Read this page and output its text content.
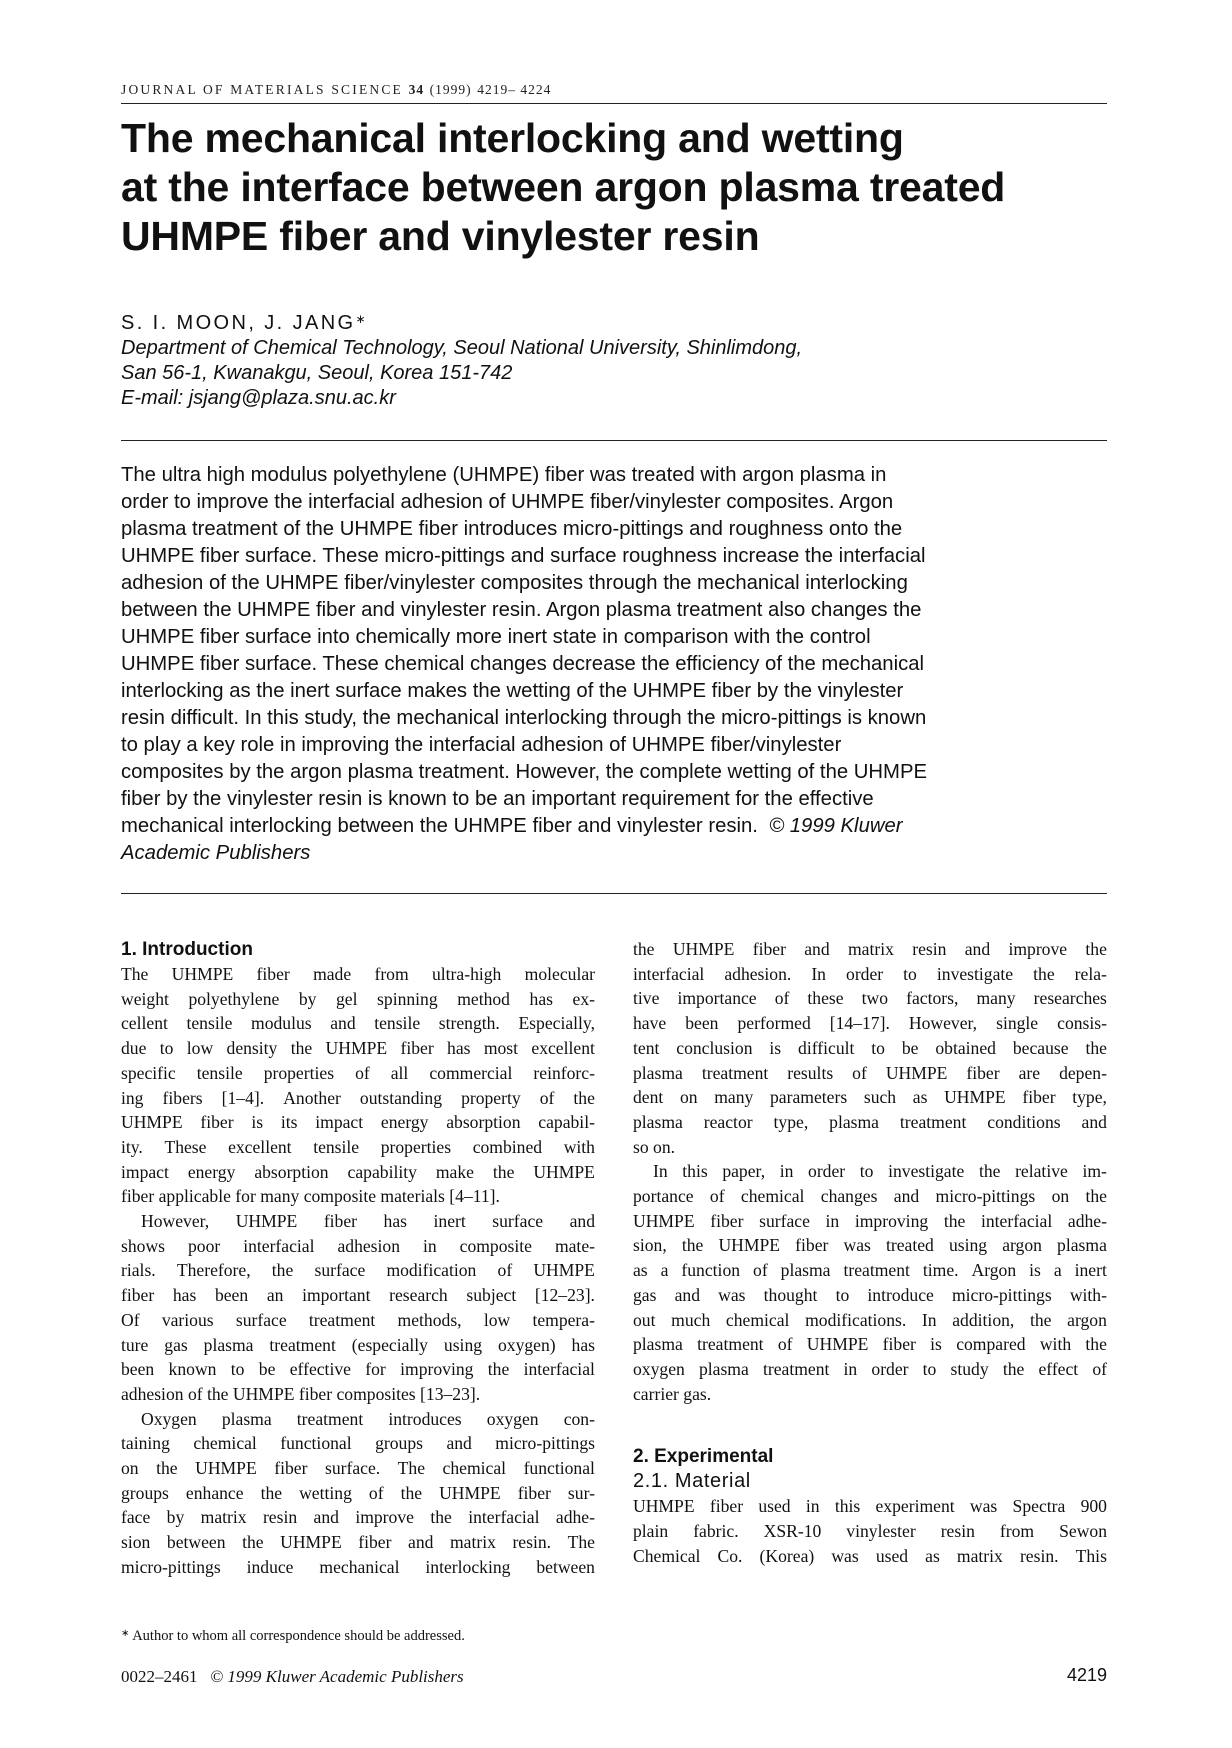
JOURNAL OF MATERIALS SCIENCE 34 (1999) 4219– 4224
The mechanical interlocking and wetting
at the interface between argon plasma treated
UHMPE fiber and vinylester resin
S. I. MOON, J. JANG∗
Department of Chemical Technology, Seoul National University, Shinlimdong,
San 56-1, Kwanakgu, Seoul, Korea 151-742
E-mail: jsjang@plaza.snu.ac.kr
The ultra high modulus polyethylene (UHMPE) fiber was treated with argon plasma in
order to improve the interfacial adhesion of UHMPE fiber/vinylester composites. Argon
plasma treatment of the UHMPE fiber introduces micro-pittings and roughness onto the
UHMPE fiber surface. These micro-pittings and surface roughness increase the interfacial
adhesion of the UHMPE fiber/vinylester composites through the mechanical interlocking
between the UHMPE fiber and vinylester resin. Argon plasma treatment also changes the
UHMPE fiber surface into chemically more inert state in comparison with the control
UHMPE fiber surface. These chemical changes decrease the efficiency of the mechanical
interlocking as the inert surface makes the wetting of the UHMPE fiber by the vinylester
resin difficult. In this study, the mechanical interlocking through the micro-pittings is known
to play a key role in improving the interfacial adhesion of UHMPE fiber/vinylester
composites by the argon plasma treatment. However, the complete wetting of the UHMPE
fiber by the vinylester resin is known to be an important requirement for the effective
mechanical interlocking between the UHMPE fiber and vinylester resin. © 1999 Kluwer
Academic Publishers
1. Introduction
The UHMPE fiber made from ultra-high molecular
weight polyethylene by gel spinning method has ex-
cellent tensile modulus and tensile strength. Especially,
due to low density the UHMPE fiber has most excellent
specific tensile properties of all commercial reinforc-
ing fibers [1–4]. Another outstanding property of the
UHMPE fiber is its impact energy absorption capabil-
ity. These excellent tensile properties combined with
impact energy absorption capability make the UHMPE
fiber applicable for many composite materials [4–11].
However, UHMPE fiber has inert surface and
shows poor interfacial adhesion in composite mate-
rials. Therefore, the surface modification of UHMPE
fiber has been an important research subject [12–23].
Of various surface treatment methods, low tempera-
ture gas plasma treatment (especially using oxygen) has
been known to be effective for improving the interfacial
adhesion of the UHMPE fiber composites [13–23].
Oxygen plasma treatment introduces oxygen con-
taining chemical functional groups and micro-pittings
on the UHMPE fiber surface. The chemical functional
groups enhance the wetting of the UHMPE fiber sur-
face by matrix resin and improve the interfacial adhe-
sion between the UHMPE fiber and matrix resin. The
micro-pittings induce mechanical interlocking between
the UHMPE fiber and matrix resin and improve the
interfacial adhesion. In order to investigate the rela-
tive importance of these two factors, many researches
have been performed [14–17]. However, single consis-
tent conclusion is difficult to be obtained because the
plasma treatment results of UHMPE fiber are depen-
dent on many parameters such as UHMPE fiber type,
plasma reactor type, plasma treatment conditions and
so on.
In this paper, in order to investigate the relative im-
portance of chemical changes and micro-pittings on the
UHMPE fiber surface in improving the interfacial adhe-
sion, the UHMPE fiber was treated using argon plasma
as a function of plasma treatment time. Argon is a inert
gas and was thought to introduce micro-pittings with-
out much chemical modifications. In addition, the argon
plasma treatment of UHMPE fiber is compared with the
oxygen plasma treatment in order to study the effect of
carrier gas.
2. Experimental
2.1. Material
UHMPE fiber used in this experiment was Spectra 900
plain fabric. XSR-10 vinylester resin from Sewon
Chemical Co. (Korea) was used as matrix resin. This
∗ Author to whom all correspondence should be addressed.
0022–2461 © 1999 Kluwer Academic Publishers	4219
